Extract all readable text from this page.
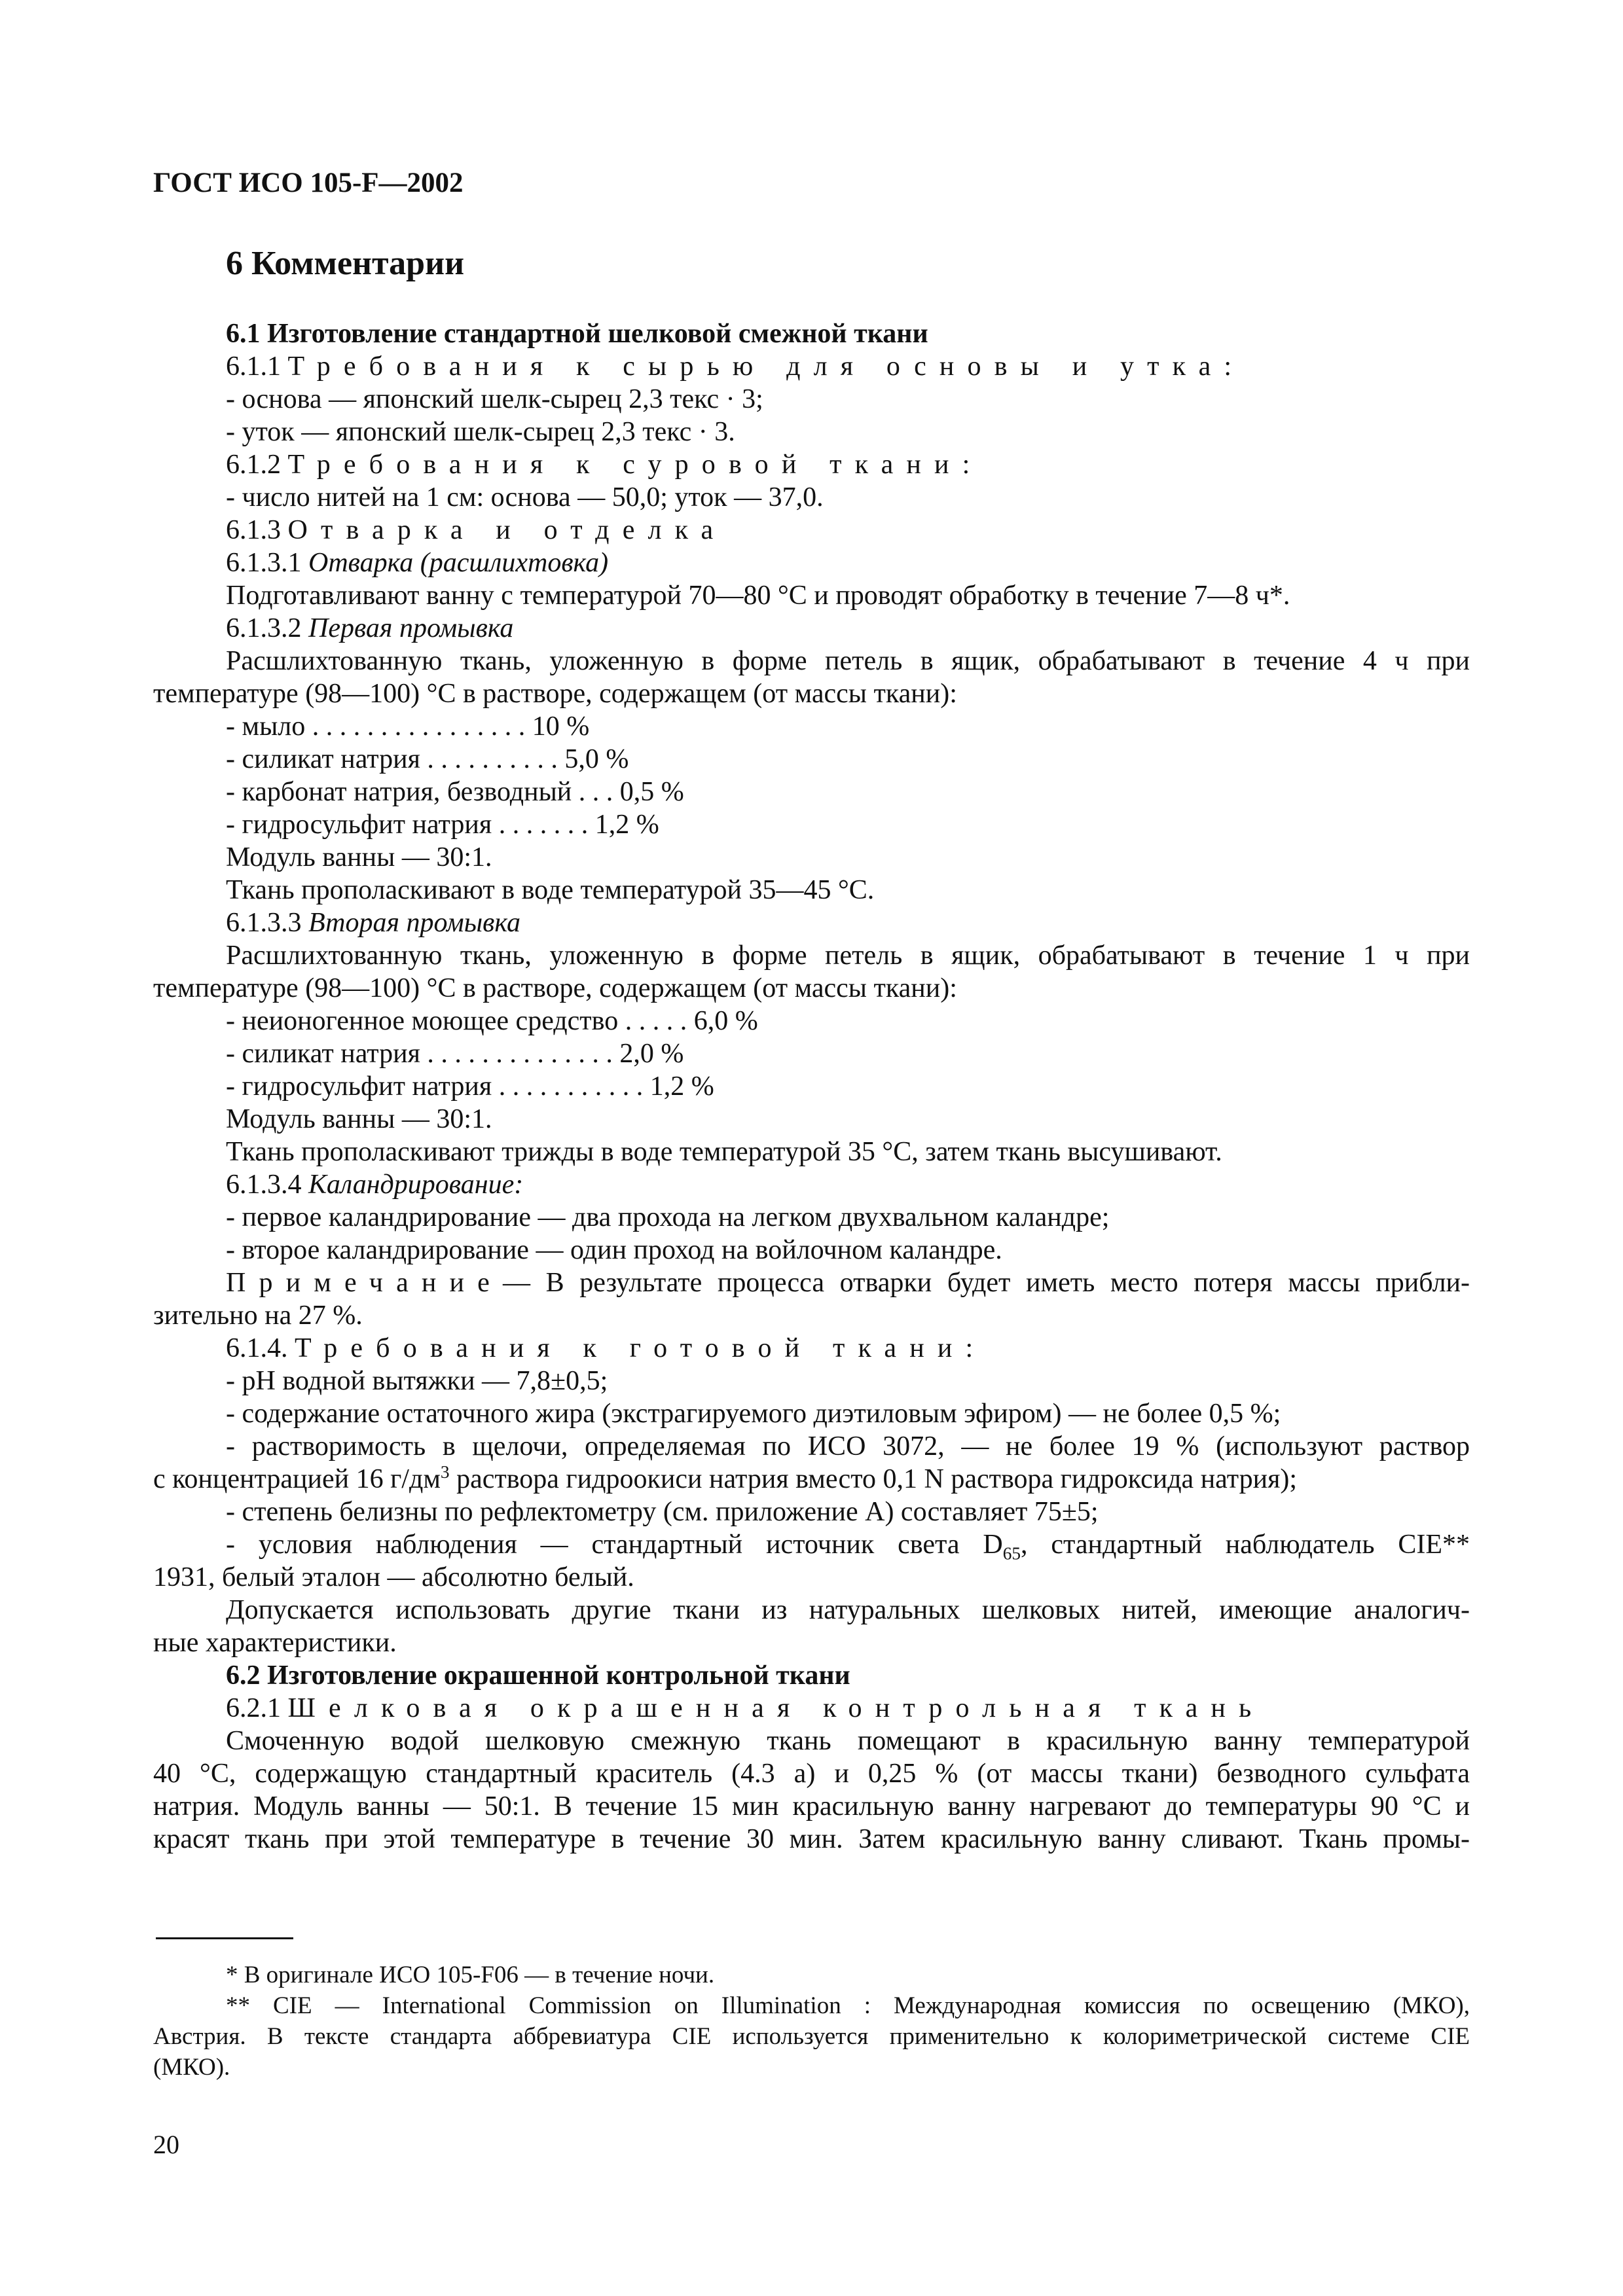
ГОСТ ИСО 105-F—2002
6 Комментарии
6.1 Изготовление стандартной шелковой смежной ткани
6.1.1 Требования к сырью для основы и утка:
- основа — японский шелк-сырец 2,3 текс · 3;
- уток — японский шелк-сырец 2,3 текс · 3.
6.1.2 Требования к суровой ткани:
- число нитей на 1 см: основа — 50,0; уток — 37,0.
6.1.3 Отварка и отделка
6.1.3.1 Отварка (расшлихтовка)
Подготавливают ванну с температурой 70—80 °С и проводят обработку в течение 7—8 ч*.
6.1.3.2 Первая промывка
Расшлихтованную ткань, уложенную в форме петель в ящик, обрабатывают в течение 4 ч при
температуре (98—100) °С в растворе, содержащем (от массы ткани):
- мыло . . . . . . . . . . . . . . . . 10 %
- силикат натрия . . . . . . . . . . 5,0 %
- карбонат натрия, безводный . . . 0,5 %
- гидросульфит натрия . . . . . . . 1,2 %
Модуль ванны — 30:1.
Ткань прополаскивают в воде температурой 35—45 °С.
6.1.3.3 Вторая промывка
Расшлихтованную ткань, уложенную в форме петель в ящик, обрабатывают в течение 1 ч при
температуре (98—100) °С в растворе, содержащем (от массы ткани):
- неионогенное моющее средство . . . . . 6,0 %
- силикат натрия . . . . . . . . . . . . . . 2,0 %
- гидросульфит натрия . . . . . . . . . . . 1,2 %
Модуль ванны — 30:1.
Ткань прополаскивают трижды в воде температурой 35 °С, затем ткань высушивают.
6.1.3.4 Каландрирование:
- первое каландрирование — два прохода на легком двухвальном каландре;
- второе каландрирование — один проход на войлочном каландре.
Примечание— В результате процесса отварки будет иметь место потеря массы прибли-
зительно на 27 %.
6.1.4. Требования к готовой ткани:
- рН водной вытяжки — 7,8±0,5;
- содержание остаточного жира (экстрагируемого диэтиловым эфиром) — не более 0,5 %;
- растворимость в щелочи, определяемая по ИСО 3072, — не более 19 % (используют раствор
с концентрацией 16 $г/дм^3$ раствора гидроокиси натрия вместо 0,1 N раствора гидроксида натрия);
- степень белизны по рефлектометру (см. приложение А) составляет 75±5;
- условия наблюдения — стандартный источник света $D_{65}$, стандартный наблюдатель CIE**
1931, белый эталон — абсолютно белый.
Допускается использовать другие ткани из натуральных шелковых нитей, имеющие аналогич-
ные характеристики.
6.2 Изготовление окрашенной контрольной ткани
6.2.1 Шелковая окрашенная контрольная ткань
Смоченную водой шелковую смежную ткань помещают в красильную ванну температурой
40 °С, содержащую стандартный краситель (4.3 а) и 0,25 % (от массы ткани) безводного сульфата
натрия. Модуль ванны — 50:1. В течение 15 мин красильную ванну нагревают до температуры 90 °С и
красят ткань при этой температуре в течение 30 мин. Затем красильную ванну сливают. Ткань промы-
* В оригинале ИСО 105-F06 — в течение ночи.
** CIE — International Commission on Illumination : Международная комиссия по освещению (МКО),
Австрия. В тексте стандарта аббревиатура CIE используется применительно к колориметрической системе CIE
(МКО).
20
